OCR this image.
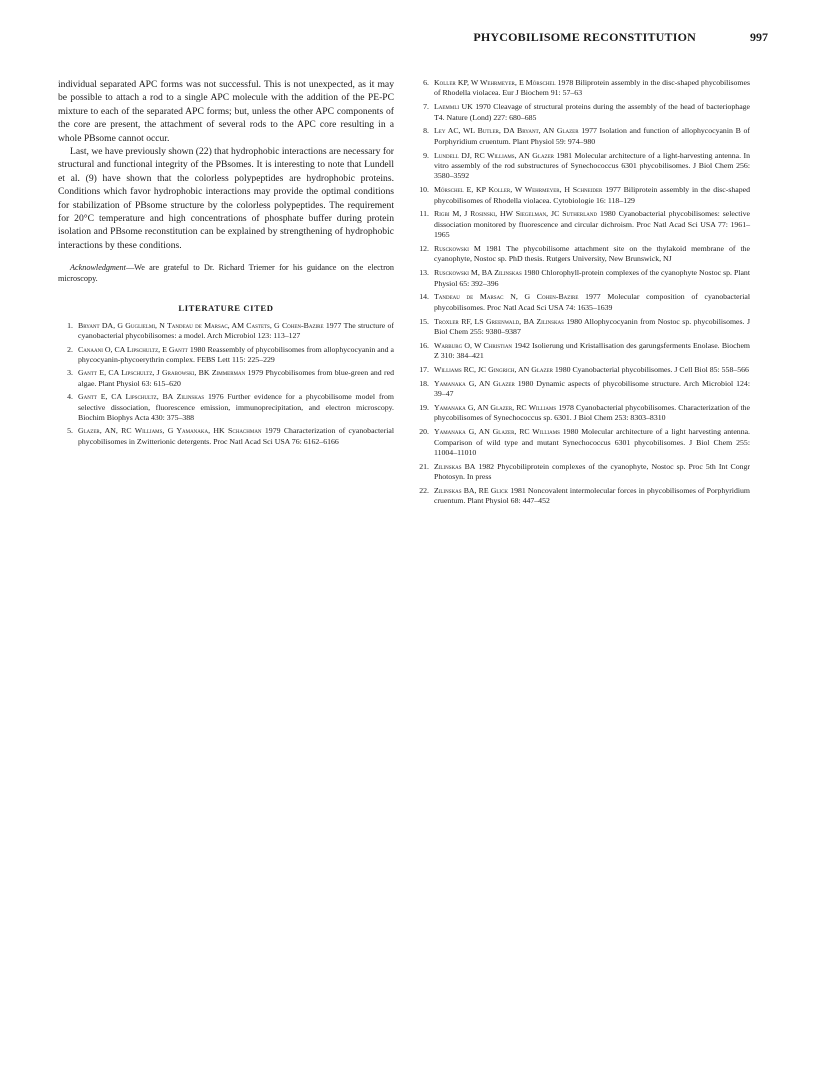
PHYCOBILISOME RECONSTITUTION	997

individual separated APC forms was not successful. This is not unexpected, as it may be possible to attach a rod to a single APC molecule with the addition of the PE-PC mixture to each of the separated APC forms; but, unless the other APC components of the core are present, the attachment of several rods to the APC core resulting in a whole PBsome cannot occur.

Last, we have previously shown (22) that hydrophobic interactions are necessary for structural and functional integrity of the PBsomes. It is interesting to note that Lundell et al. (9) have shown that the colorless polypeptides are hydrophobic proteins. Conditions which favor hydrophobic interactions may provide the optimal conditions for stabilization of PBsome structure by the colorless polypeptides. The requirement for 20°C temperature and high concentrations of phosphate buffer during protein isolation and PBsome reconstitution can be explained by strengthening of hydrophobic interactions by these conditions.

Acknowledgment—We are grateful to Dr. Richard Triemer for his guidance on the electron microscopy.

LITERATURE CITED
1. Bryant DA, G Guglielmi, N Tandeau de Marsac, AM Castets, G Cohen-Bazire 1977 The structure of cyanobacterial phycobilisomes: a model. Arch Microbiol 123: 113–127
2. Canaani O, CA Lipschultz, E Gantt 1980 Reassembly of phycobilisomes from allophycocyanin and a phycocyanin-phycoerythrin complex. FEBS Lett 115: 225–229
3. Gantt E, CA Lipschultz, J Grabowski, BK Zimmerman 1979 Phycobilisomes from blue-green and red algae. Plant Physiol 63: 615–620
4. Gantt E, CA Lipschultz, BA Zilinskas 1976 Further evidence for a phycobilisome model from selective dissociation, fluorescence emission, immunoprecipitation, and electron microscopy. Biochim Biophys Acta 430: 375–388
5. Glazer, AN, RC Williams, G Yamanaka, HK Schachman 1979 Characterization of cyanobacterial phycobilisomes in Zwitterionic detergents. Proc Natl Acad Sci USA 76: 6162–6166
6. Koller KP, W Wehrmeyer, E Mörschel 1978 Biliprotein assembly in the disc-shaped phycobilisomes of Rhodella violacea. Eur J Biochem 91: 57–63
7. Laemmli UK 1970 Cleavage of structural proteins during the assembly of the head of bacteriophage T4. Nature (Lond) 227: 680–685
8. Ley AC, WL Butler, DA Bryant, AN Glazer 1977 Isolation and function of allophycocyanin B of Porphyridium cruentum. Plant Physiol 59: 974–980
9. Lundell DJ, RC Williams, AN Glazer 1981 Molecular architecture of a light-harvesting antenna. In vitro assembly of the rod substructures of Synechococcus 6301 phycobilisomes. J Biol Chem 256: 3580–3592
10. Mörschel E, KP Koller, W Wehrmeyer, H Schneider 1977 Biliprotein assembly in the disc-shaped phycobilisomes of Rhodella violacea. Cytobiologie 16: 118–129
11. Rigbi M, J Rosinski, HW Siegelman, JC Sutherland 1980 Cyanobacterial phycobilisomes: selective dissociation monitored by fluorescence and circular dichroism. Proc Natl Acad Sci USA 77: 1961–1965
12. Rusckowski M 1981 The phycobilisome attachment site on the thylakoid membrane of the cyanophyte, Nostoc sp. PhD thesis. Rutgers University, New Brunswick, NJ
13. Rusckowski M, BA Zilinskas 1980 Chlorophyll-protein complexes of the cyanophyte Nostoc sp. Plant Physiol 65: 392–396
14. Tandeau de Marsac N, G Cohen-Bazire 1977 Molecular composition of cyanobacterial phycobilisomes. Proc Natl Acad Sci USA 74: 1635–1639
15. Troxler RF, LS Greenwald, BA Zilinskas 1980 Allophycocyanin from Nostoc sp. phycobilisomes. J Biol Chem 255: 9380–9387
16. Warburg O, W Christian 1942 Isolierung und Kristallisation des garungsferments Enolase. Biochem Z 310: 384–421
17. Williams RC, JC Gingrich, AN Glazer 1980 Cyanobacterial phycobilisomes. J Cell Biol 85: 558–566
18. Yamanaka G, AN Glazer 1980 Dynamic aspects of phycobilisome structure. Arch Microbiol 124: 39–47
19. Yamanaka G, AN Glazer, RC Williams 1978 Cyanobacterial phycobilisomes. Characterization of the phycobilisomes of Synechococcus sp. 6301. J Biol Chem 253: 8303–8310
20. Yamanaka G, AN Glazer, RC Williams 1980 Molecular architecture of a light harvesting antenna. Comparison of wild type and mutant Synechococcus 6301 phycobilisomes. J Biol Chem 255: 11004–11010
21. Zilinskas BA 1982 Phycobiliprotein complexes of the cyanophyte, Nostoc sp. Proc 5th Int Congr Photosyn. In press
22. Zilinskas BA, RE Glick 1981 Noncovalent intermolecular forces in phycobilisomes of Porphyridium cruentum. Plant Physiol 68: 447–452
